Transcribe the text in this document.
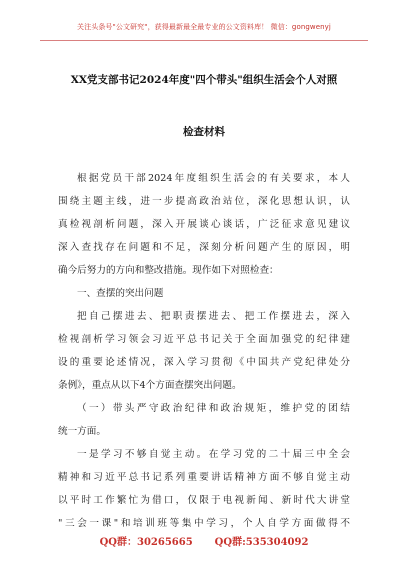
关注头条号"公文研究"，获得最新最全最专业的公文资料库！ 微信：gongwenyj
XX党支部书记2024年度"四个带头"组织生活会个人对照
检查材料
根据党员干部2024年度组织生活会的有关要求，本人
围绕主题主线，进一步提高政治站位，深化思想认识，认
真检视剖析问题，深入开展谈心谈话，广泛征求意见建议
深入查找存在问题和不足，深刻分析问题产生的原因，明
确今后努力的方向和整改措施。现作如下对照检查：
一、查摆的突出问题
把自己摆进去、把职责摆进去、把工作摆进去，深入
检视剖析学习领会习近平总书记关于全面加强党的纪律建
设的重要论述情况，深入学习贯彻《中国共产党纪律处分
条例》，重点从以下4个方面查摆突出问题。
（一）带头严守政治纪律和政治规矩，维护党的团结
统一方面。
一是学习不够自觉主动。在学习党的二十届三中全会
精神和习近平总书记系列重要讲话精神方面不够自觉主动
以平时工作繁忙为借口，仅限于电视新闻、新时代大讲堂
"三会一课"和培训班等集中学习，个人自学方面做得不
QQ群：30265665 QQ群:535304092
